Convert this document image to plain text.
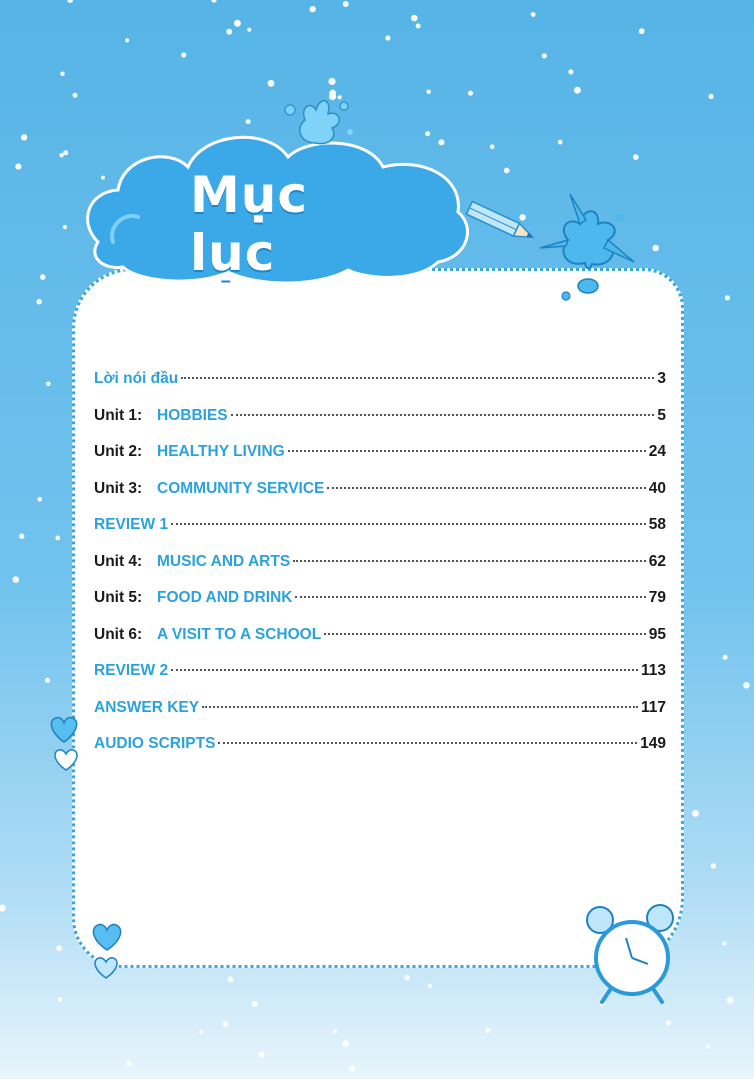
Mục lục
Lời nói đầu	3
Unit 1: HOBBIES	5
Unit 2: HEALTHY LIVING	24
Unit 3: COMMUNITY SERVICE	40
REVIEW 1	58
Unit 4: MUSIC AND ARTS	62
Unit 5: FOOD AND DRINK	79
Unit 6: A VISIT TO A SCHOOL	95
REVIEW 2	113
ANSWER KEY	117
AUDIO SCRIPTS	149
